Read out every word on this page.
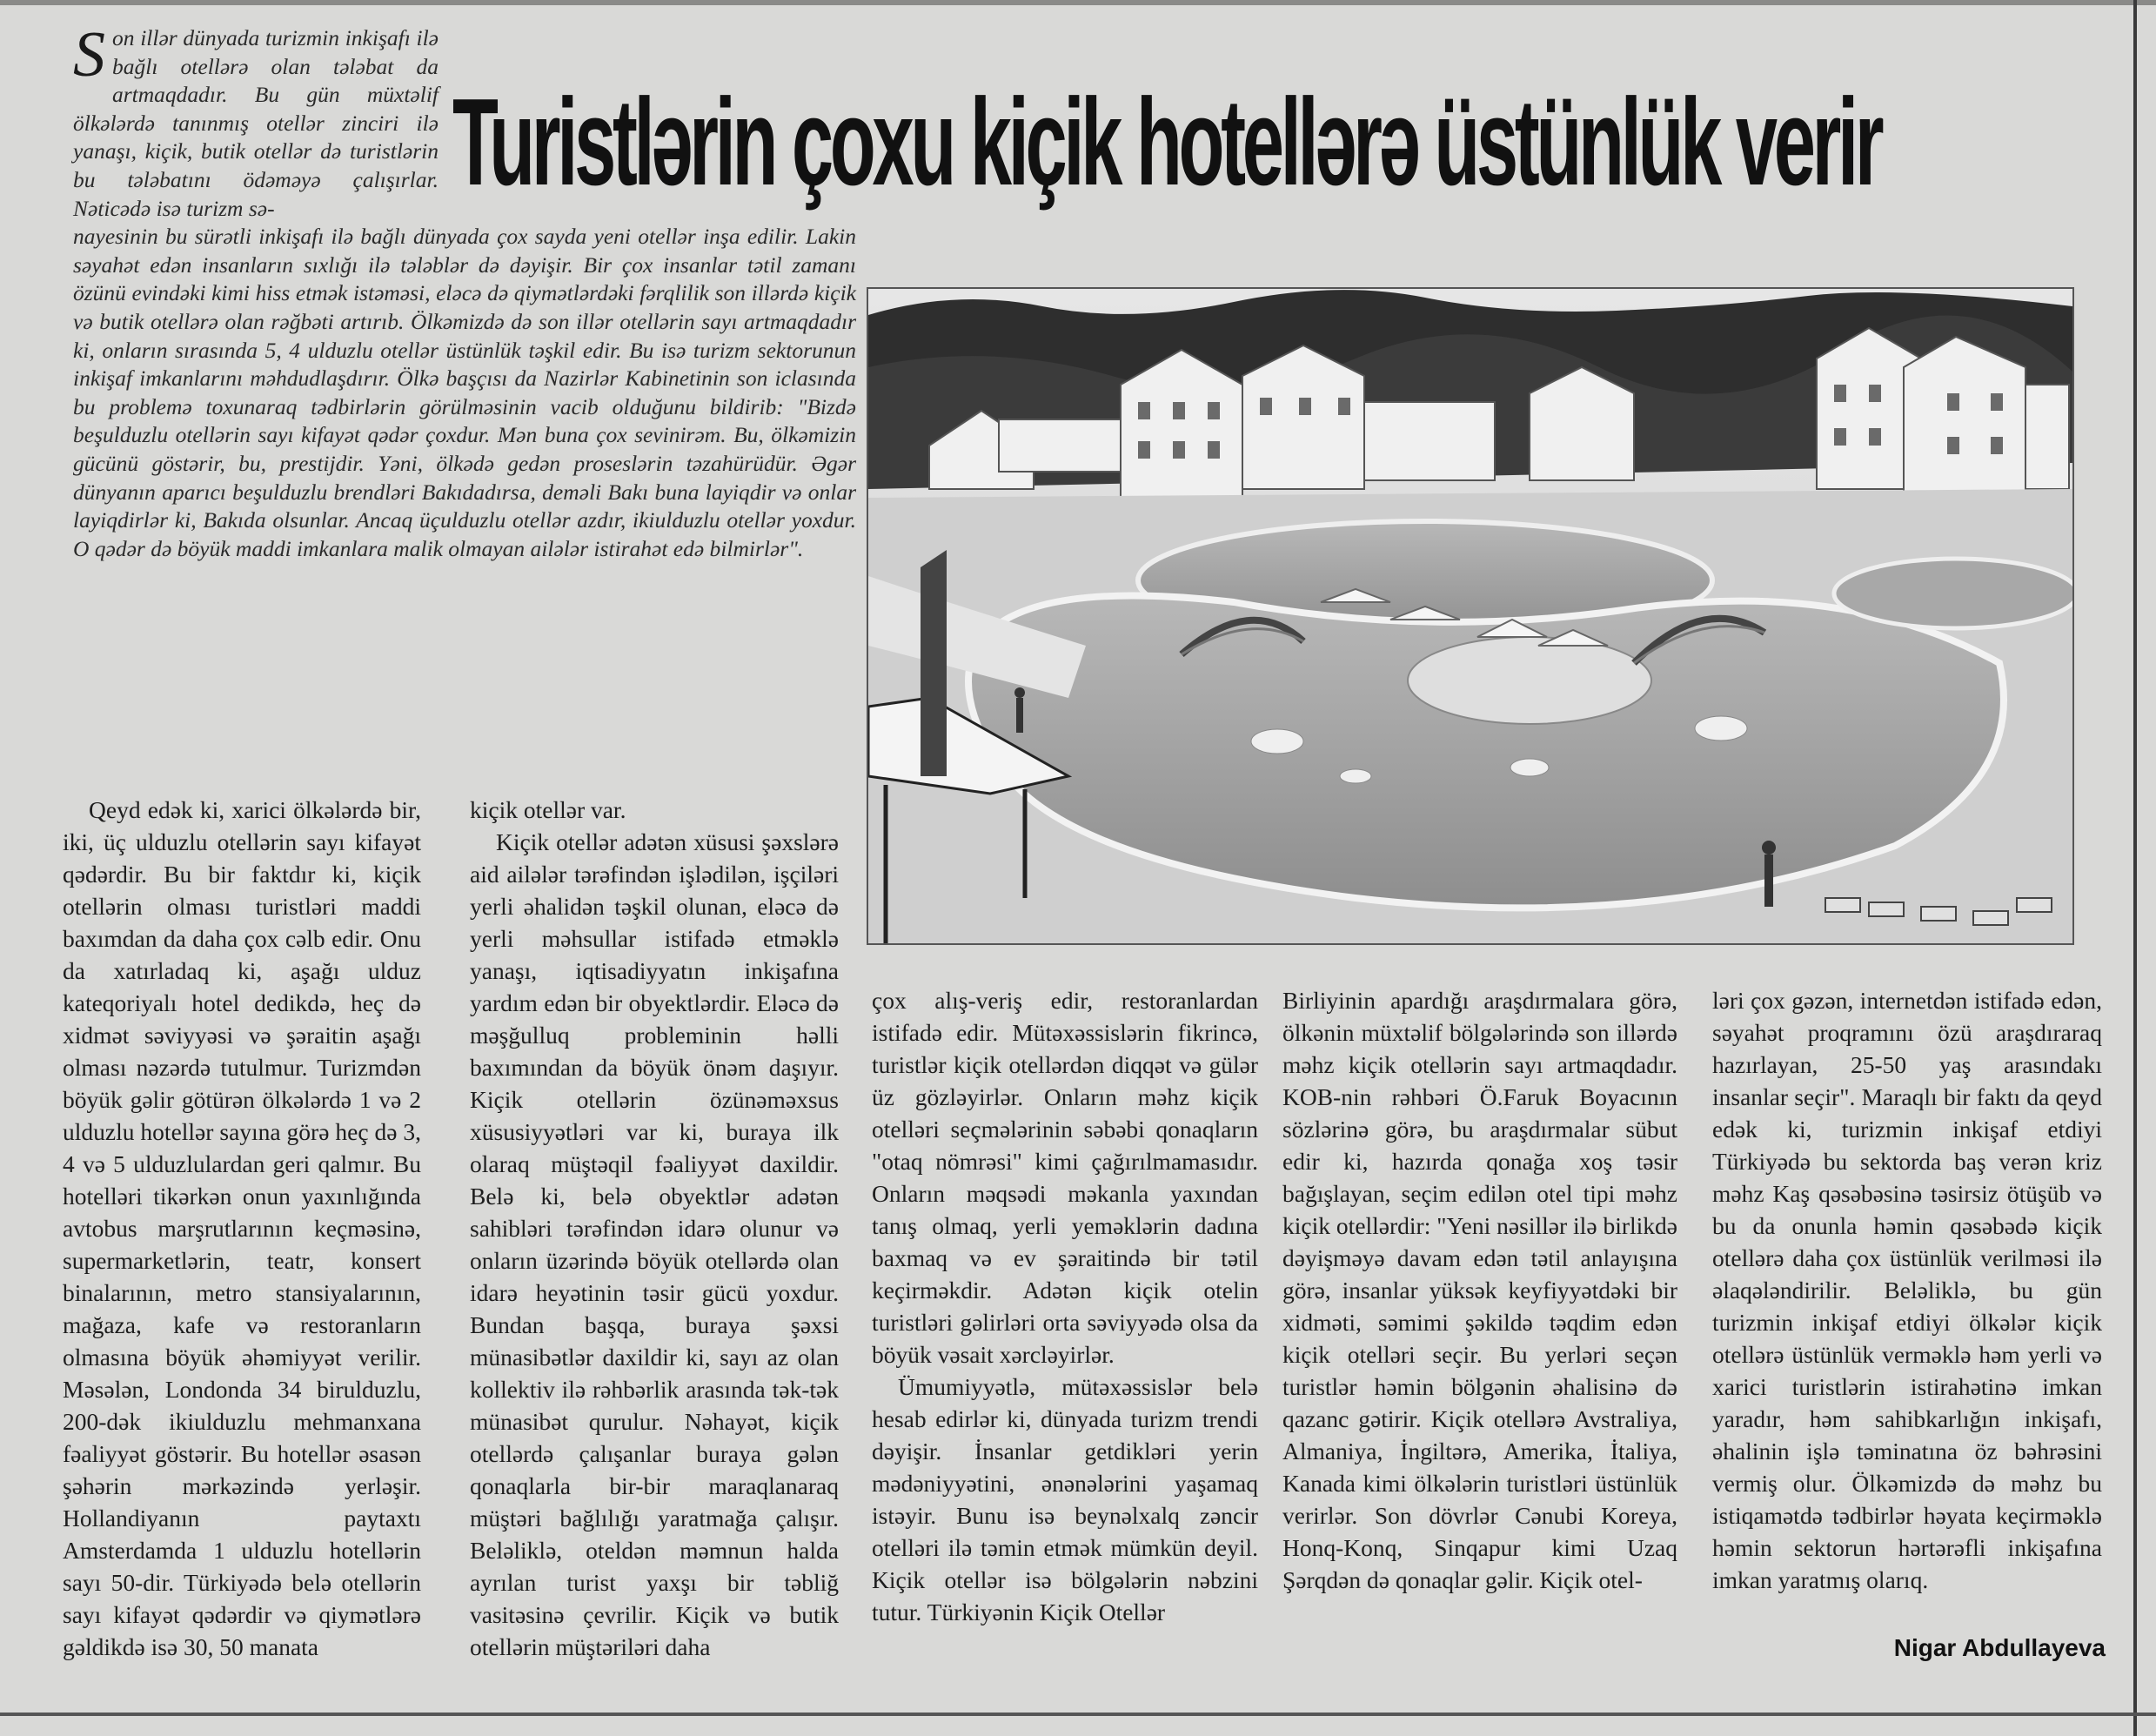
Turistlərin çoxu kiçik hotellərə üstünlük verir
S on illər dünyada turizmin inkişafı ilə bağlı otellərə olan tələbat da artmaqdadır. Bu gün müxtəlif ölkələrdə tanınmış otellər zinciri ilə yanaşı, kiçik, butik otellər də turistlərin bu tələbatını ödəməyə çalışırlar. Nəticədə isə turizm sə-

nayesinin bu sürətli inkişafı ilə bağlı dünyada çox sayda yeni otellər inşa edilir. Lakin səyahət edən insanların sıxlığı ilə tələblər də dəyişir. Bir çox insanlar tətil zamanı özünü evindəki kimi hiss etmək istəməsi, eləcə də qiymətlərdəki fərqlilik son illərdə kiçik və butik otellərə olan rəğbəti artırıb. Ölkəmizdə də son illər otellərin sayı artmaqdadır ki, onların sırasında 5, 4 ulduzlu otellər üstünlük təşkil edir. Bu isə turizm sektorunun inkişaf imkanlarını məhdudlaşdırır. Ölkə başçısı da Nazirlər Kabinetinin son iclasında bu problemə toxunaraq tədbirlərin görülməsinin vacib olduğunu bildirib: "Bizdə beşulduzlu otellərin sayı kifayət qədər çoxdur. Mən buna çox sevinirəm. Bu, ölkəmizin gücünü göstərir, bu, prestijdir. Yəni, ölkədə gedən proseslərin təzahürüdür. Əgər dünyanın aparıcı beşulduzlu brendləri Bakıdadırsa, deməli Bakı buna layiqdir və onlar layiqdirlər ki, Bakıda olsunlar. Ancaq üçulduzlu otellər azdır, ikiulduzlu otellər yoxdur. O qədər də böyük maddi imkanlara malik olmayan ailələr istirahət edə bilmirlər".

Qeyd edək ki, xarici ölkələrdə bir, iki, üç ulduzlu otellərin sayı kifayət qədərdir. Bu bir faktdır ki, kiçik otellərin olması turistləri maddi baxımdan da daha çox cəlb edir. Onu da xatırladaq ki, aşağı ulduz kateqoriyalı hotel dedikdə, heç də xidmət səviyyəsi və şəraitin aşağı olması nəzərdə tutulmur. Turizmdən böyük gəlir götürən ölkələrdə 1 və 2 ulduzlu hotellər sayına görə heç də 3, 4 və 5 ulduzlulardan geri qalmır. Bu hotelləri tikərkən onun yaxınlığında avtobus marşrutlarının keçməsinə, supermarketlərin, teatr, konsert binalarının, metro stansiyalarının, mağaza, kafe və restoranların olmasına böyük əhəmiyyət verilir. Məsələn, Londonda 34 birulduzlu, 200-dək ikiulduzlu mehmanxana fəaliyyət göstərir. Bu hotellər əsasən şəhərin mərkəzində yerləşir. Hollandiyanın paytaxtı Amsterdamda 1 ulduzlu hotellərin sayı 50-dir. Türkiyədə belə otellərin sayı kifayət qədərdir və qiymətlərə gəldikdə isə 30, 50 manata

kiçik otellər var.

Kiçik otellər adətən xüsusi şəxslərə aid ailələr tərəfindən işlədilən, işçiləri yerli əhalidən təşkil olunan, eləcə də yerli məhsullar istifadə etməklə yanaşı, iqtisadiyyatın inkişafına yardım edən bir obyektlərdir. Eləcə də məşğulluq probleminin həlli baxımından da böyük önəm daşıyır. Kiçik otellərin özünəməxsus xüsusiyyətləri var ki, buraya ilk olaraq müştəqil fəaliyyət daxildir. Belə ki, belə obyektlər adətən sahibləri tərəfindən idarə olunur və onların üzərində böyük otellərdə olan idarə heyətinin təsir gücü yoxdur. Bundan başqa, buraya şəxsi münasibətlər daxildir ki, sayı az olan kollektiv ilə rəhbərlik arasında tək-tək münasibət qurulur. Nəhayət, kiçik otellərdə çalışanlar buraya gələn qonaqlarla bir-bir maraqlanaraq müştəri bağlılığı yaratmağa çalışır. Beləliklə, oteldən məmnun halda ayrılan turist yaxşı bir təbliğ vasitəsinə çevrilir. Kiçik və butik otellərin müştəriləri daha

çox alış-veriş edir, restoranlardan istifadə edir. Mütəxəssislərin fikrincə, turistlər kiçik otellərdən diqqət və gülər üz gözləyirlər. Onların məhz kiçik otelləri seçmələrinin səbəbi qonaqların "otaq nömrəsi" kimi çağırılmamasıdır. Onların məqsədi məkanla yaxından tanış olmaq, yerli yeməklərin dadına baxmaq və ev şəraitində bir tətil keçirməkdir. Adətən kiçik otelin turistləri gəlirləri orta səviyyədə olsa da böyük vəsait xərcləyirlər.

Ümumiyyətlə, mütəxəssislər belə hesab edirlər ki, dünyada turizm trendi dəyişir. İnsanlar getdikləri yerin mədəniyyətini, ənənələrini yaşamaq istəyir. Bunu isə beynəlxalq zəncir otelləri ilə təmin etmək mümkün deyil. Kiçik otellər isə bölgələrin nəbzini tutur. Türkiyənin Kiçik Otellər

Birliyinin apardığı araşdırmalara görə, ölkənin müxtəlif bölgələrində son illərdə məhz kiçik otellərin sayı artmaqdadır. KOB-nin rəhbəri Ö.Faruk Boyacının sözlərinə görə, bu araşdırmalar sübut edir ki, hazırda qonağa xoş təsir bağışlayan, seçim edilən otel tipi məhz kiçik otellərdir: "Yeni nəsillər ilə birlikdə dəyişməyə davam edən tətil anlayışına görə, insanlar yüksək keyfiyyətdəki bir xidməti, səmimi şəkildə təqdim edən kiçik otelləri seçir. Bu yerləri seçən turistlər həmin bölgənin əhalisinə də qazanc gətirir. Kiçik otellərə Avstraliya, Almaniya, İngiltərə, Amerika, İtaliya, Kanada kimi ölkələrin turistləri üstünlük verirlər. Son dövrlər Cənubi Koreya, Honq-Konq, Sinqapur kimi Uzaq Şərqdən də qonaqlar gəlir. Kiçik otel-

ləri çox gəzən, internetdən istifadə edən, səyahət proqramını özü araşdıraraq hazırlayan, 25-50 yaş arasındakı insanlar seçir". Maraqlı bir faktı da qeyd edək ki, turizmin inkişaf etdiyi Türkiyədə bu sektorda baş verən kriz məhz Kaş qəsəbəsinə təsirsiz ötüşüb və bu da onunla həmin qəsəbədə kiçik otellərə daha çox üstünlük verilməsi ilə əlaqələndirilir. Beləliklə, bu gün turizmin inkişaf etdiyi ölkələr kiçik otellərə üstünlük verməklə həm yerli və xarici turistlərin istirahətinə imkan yaradır, həm sahibkarlığın inkişafı, əhalinin işlə təminatına öz bəhrəsini vermiş olur. Ölkəmizdə də məhz bu istiqamətdə tədbirlər həyata keçirməklə həmin sektorun hərtərəfli inkişafına imkan yaratmış olarıq.

Nigar Abdullayeva
